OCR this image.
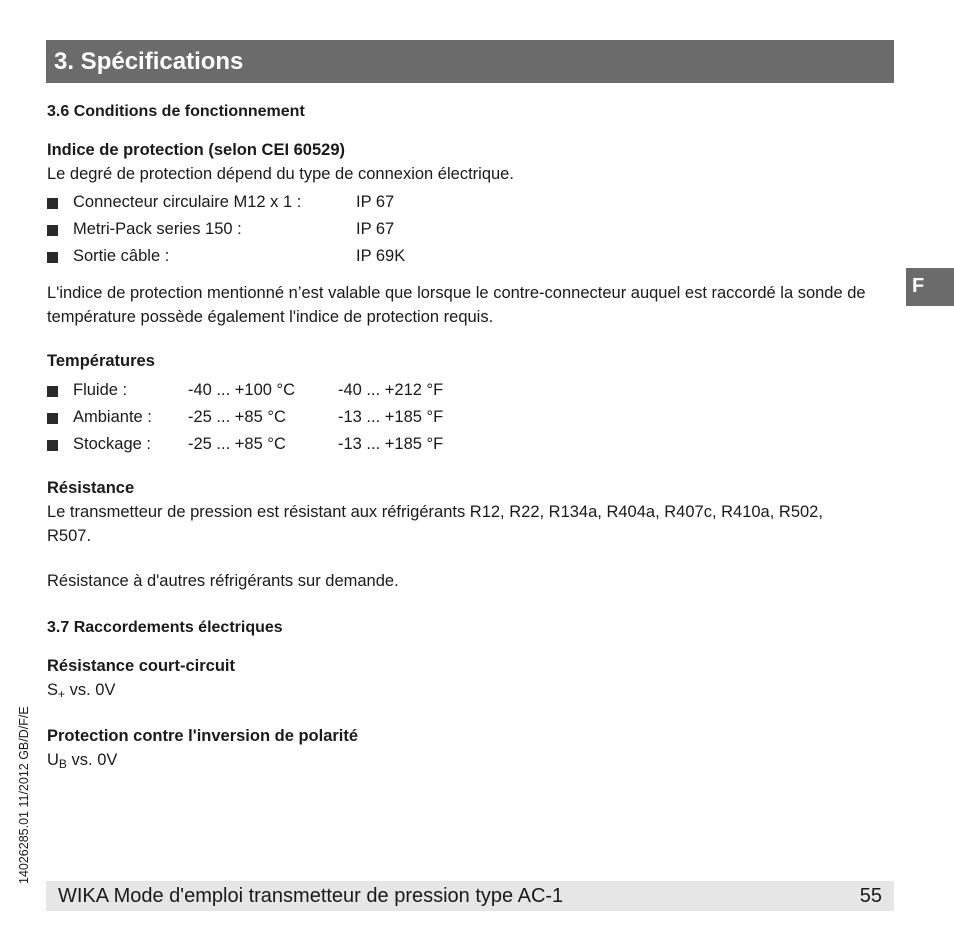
3. Spécifications
F
3.6 Conditions de fonctionnement
Indice de protection (selon CEI 60529)
Le degré de protection dépend du type de connexion électrique.
Connecteur circulaire M12 x 1 :	IP 67
Metri-Pack series 150 :	IP 67
Sortie câble :	IP 69K
L'indice de protection mentionné n’est valable que lorsque le contre-connecteur auquel est raccordé la sonde de température possède également l'indice de protection requis.
Températures
Fluide :	-40 ... +100 °C	-40 ... +212 °F
Ambiante : -25 ... +85 °C	-13 ... +185 °F
Stockage : -25 ... +85 °C	-13 ... +185 °F
Résistance
Le transmetteur de pression est résistant aux réfrigérants R12, R22, R134a, R404a, R407c, R410a, R502, R507.
Résistance à d'autres réfrigérants sur demande.
3.7 Raccordements électriques
Résistance court-circuit
$S_+$ vs. 0V
Protection contre l'inversion de polarité
$U_B$ vs. 0V
14026285.01 11/2012 GB/D/F/E
WIKA Mode d'emploi transmetteur de pression type AC-1	55
